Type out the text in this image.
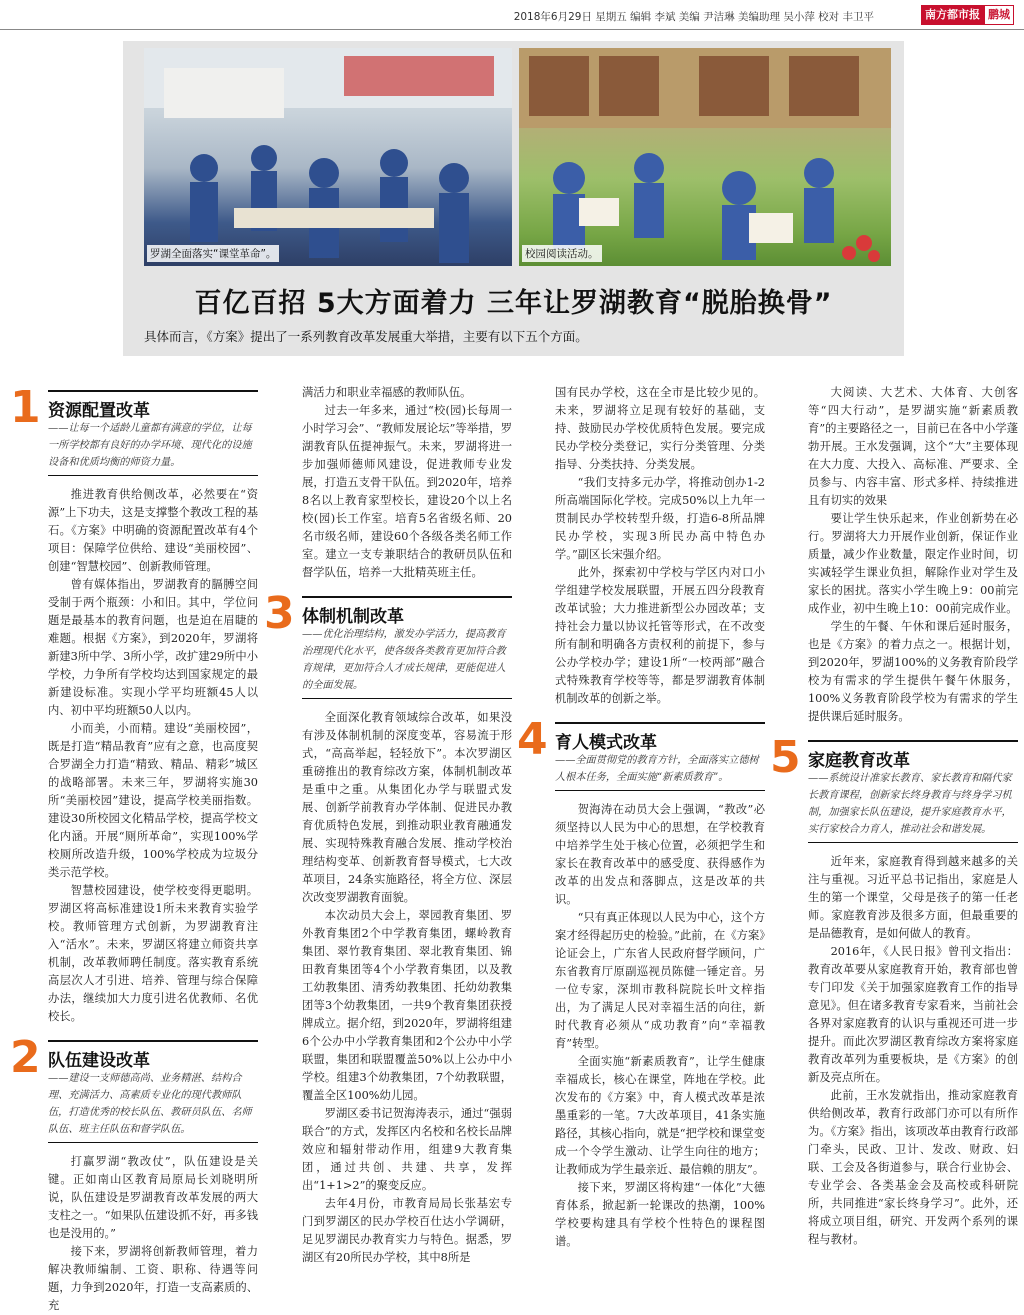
2018年6月29日 星期五 编辑 李斌 美编 尹洁琳 美编助理 吴小萍 校对 丰卫平	南方都市报 鹏城
罗湖全面落实“课堂革命”。	校园阅读活动。
百亿百招 5大方面着力 三年让罗湖教育“脱胎换骨”
具体而言，《方案》提出了一系列教育改革发展重大举措，主要有以下五个方面。
1 资源配置改革
——让每一个适龄儿童都有满意的学位，让每一所学校都有良好的办学环境、现代化的设施设备和优质均衡的师资力量。

推进教育供给侧改革，必然要在“资源”上下功夫，这是支撑整个教改工程的基石。《方案》中明确的资源配置改革有4个项目：保障学位供给、建设“美丽校园”、创建“智慧校园”、创新教师管理。

曾有媒体指出，罗湖教育的膈膊空间受制于两个瓶颈：小和旧。其中，学位问题是最基本的教育问题，也是迫在眉睫的难题。根据《方案》，到2020年，罗湖将新建3所中学、3所小学，改扩建29所中小学校，力争所有学校均达到国家规定的最新建设标准。实现小学平均班额45人以内、初中平均班额50人以内。

小而美，小而精。建设“美丽校园”，既是打造“精品教育”应有之意，也高度契合罗湖全力打造“精致、精品、精彩”城区的战略部署。未来三年，罗湖将实施30所“美丽校园”建设，提高学校美丽指数。建设30所校园文化精品学校，提高学校文化内涵。开展“厕所革命”，实现100%学校厕所改造升级，100%学校成为垃圾分类示范学校。

智慧校园建设，使学校变得更聪明。罗湖区将高标准建设1所未来教育实验学校。教师管理方式创新，为罗湖教育注入“活水”。未来，罗湖区将建立师资共享机制，改革教师聘任制度。落实教育系统高层次人才引进、培养、管理与综合保障办法，继续加大力度引进名优教师、名优校长。

2 队伍建设改革
——建设一支师德高尚、业务精湛、结构合理、充满活力、高素质专业化的现代教师队伍，打造优秀的校长队伍、教研员队伍、名师队伍、班主任队伍和督学队伍。

打赢罗湖“教改仗”，队伍建设是关键。正如南山区教育局原局长刘晓明所说，队伍建设是罗湖教育改革发展的两大支柱之一。“如果队伍建设抓不好，再多钱也是没用的。”

接下来，罗湖将创新教师管理，着力解决教师编制、工资、职称、待遇等问题，力争到2020年，打造一支高素质的、充

满活力和职业幸福感的教师队伍。

过去一年多来，通过“校(园)长每周一小时学习会”、“教师发展论坛”等举措，罗湖教育队伍提神振气。未来，罗湖将进一步加强师德师风建设，促进教师专业发展，打造五支骨干队伍。到2020年，培养8名以上教育家型校长，建设20个以上名校(园)长工作室。培育5名省级名师、20名市级名师，建设60个各级各类名师工作室。建立一支专兼职结合的教研员队伍和督学队伍，培养一大批精英班主任。

3 体制机制改革
——优化治理结构，激发办学活力，提高教育治理现代化水平，使各级各类教育更加符合教育规律，更加符合人才成长规律，更能促进人的全面发展。

全面深化教育领域综合改革，如果没有涉及体制机制的深度变革，容易流于形式，“高高举起，轻轻放下”。本次罗湖区重磅推出的教育综改方案，体制机制改革是重中之重。从集团化办学与联盟式发展、创新学前教育办学体制、促进民办教育优质特色发展，到推动职业教育融通发展、实现特殊教育融合发展、推动学校治理结构变革、创新教育督导模式，七大改革项目，24条实施路径，将全方位、深层次改变罗湖教育面貌。

本次动员大会上，翠园教育集团、罗外教育集团2个中学教育集团，螺岭教育集团、翠竹教育集团、翠北教育集团、锦田教育集团等4个小学教育集团，以及教工幼教集团、清秀幼教集团、托幼幼教集团等3个幼教集团，一共9个教育集团获授牌成立。据介绍，到2020年，罗湖将组建6个公办中小学教育集团和2个公办中小学联盟，集团和联盟覆盖50%以上公办中小学校。组建3个幼教集团，7个幼教联盟，覆盖全区100%幼儿园。

罗湖区委书记贺海涛表示，通过“强弱联合”的方式，发挥区内名校和名校长品牌效应和辐射带动作用，组建9大教育集团，通过共创、共建、共享，发挥出“1+1>2”的聚变反应。

去年4月份，市教育局局长张基宏专门到罗湖区的民办学校百仕达小学调研，足见罗湖民办教育实力与特色。据悉，罗湖区有20所民办学校，其中8所是

国有民办学校，这在全市是比较少见的。未来，罗湖将立足现有较好的基础，支持、鼓励民办学校优质特色发展。要完成民办学校分类登记，实行分类管理、分类指导、分类扶持、分类发展。

“我们支持多元办学，将推动创办1-2所高端国际化学校。完成50%以上九年一贯制民办学校转型升级，打造6-8所品牌民办学校，实现3所民办高中特色办学。”副区长宋强介绍。

此外，探索初中学校与学区内对口小学组建学校发展联盟，开展五四分段教育改革试验；大力推进新型公办园改革；支持社会力量以协议托管等形式，在不改变所有制和明确各方责权利的前提下，参与公办学校办学；建设1所“一校两部”融合式特殊教育学校等等，都是罗湖教育体制机制改革的创新之举。

4 育人模式改革
——全面贯彻党的教育方针，全面落实立德树人根本任务，全面实施“新素质教育”。

贺海涛在动员大会上强调，“教改”必须坚持以人民为中心的思想，在学校教育中培养学生处于核心位置，必须把学生和家长在教育改革中的感受度、获得感作为改革的出发点和落脚点，这是改革的共识。

“只有真正体现以人民为中心，这个方案才经得起历史的检验。”此前，在《方案》论证会上，广东省人民政府督学顾问，广东省教育厅原副巡视员陈健一锤定音。另一位专家，深圳市教科院院长叶文梓指出，为了满足人民对幸福生活的向往，新时代教育必须从“成功教育”向“幸福教育”转型。

全面实施“新素质教育”，让学生健康幸福成长，核心在课堂，阵地在学校。此次发布的《方案》中，育人模式改革是浓墨重彩的一笔。7大改革项目，41条实施路径，其核心指向，就是“把学校和课堂变成一个令学生激动、让学生向往的地方；让教师成为学生最亲近、最信赖的朋友”。

接下来，罗湖区将构建“一体化”大德育体系，掀起新一轮课改的热潮，100%学校要构建具有学校个性特色的课程图谱。

大阅读、大艺术、大体育、大创客等“四大行动”，是罗湖实施“新素质教育”的主要路径之一，目前已在各中小学蓬勃开展。王水发强调，这个“大”主要体现在大力度、大投入、高标准、严要求、全员参与、内容丰富、形式多样、持续推进且有切实的效果

要让学生快乐起来，作业创新势在必行。罗湖将大力开展作业创新，保证作业质量，减少作业数量，限定作业时间，切实减轻学生课业负担，解除作业对学生及家长的困扰。落实小学生晚上9：00前完成作业，初中生晚上10：00前完成作业。

学生的午餐、午休和课后延时服务，也是《方案》的着力点之一。根据计划，到2020年，罗湖100%的义务教育阶段学校为有需求的学生提供午餐午休服务，100%义务教育阶段学校为有需求的学生提供课后延时服务。

5 家庭教育改革
——系统设计准家长教育、家长教育和隔代家长教育课程，创新家长终身教育与终身学习机制，加强家长队伍建设，提升家庭教育水平，实行家校合力育人，推动社会和谐发展。

近年来，家庭教育得到越来越多的关注与重视。习近平总书记指出，家庭是人生的第一个课堂，父母是孩子的第一任老师。家庭教育涉及很多方面，但最重要的是品德教育，是如何做人的教育。

2016年，《人民日报》曾刊文指出：教育改革要从家庭教育开始，教育部也曾专门印发《关于加强家庭教育工作的指导意见》。但在诸多教育专家看来，当前社会各界对家庭教育的认识与重视还可进一步提升。而此次罗湖区教育综改方案将家庭教育改革列为重要板块，是《方案》的创新及亮点所在。

此前，王水发就指出，推动家庭教育供给侧改革，教育行政部门亦可以有所作为。《方案》指出，该项改革由教育行政部门牵头，民政、卫计、发改、财政、妇联、工会及各街道参与，联合行业协会、专业学会、各类基金会及高校或科研院所，共同推进“家长终身学习”。此外，还将成立项目组，研究、开发两个系列的课程与教材。
